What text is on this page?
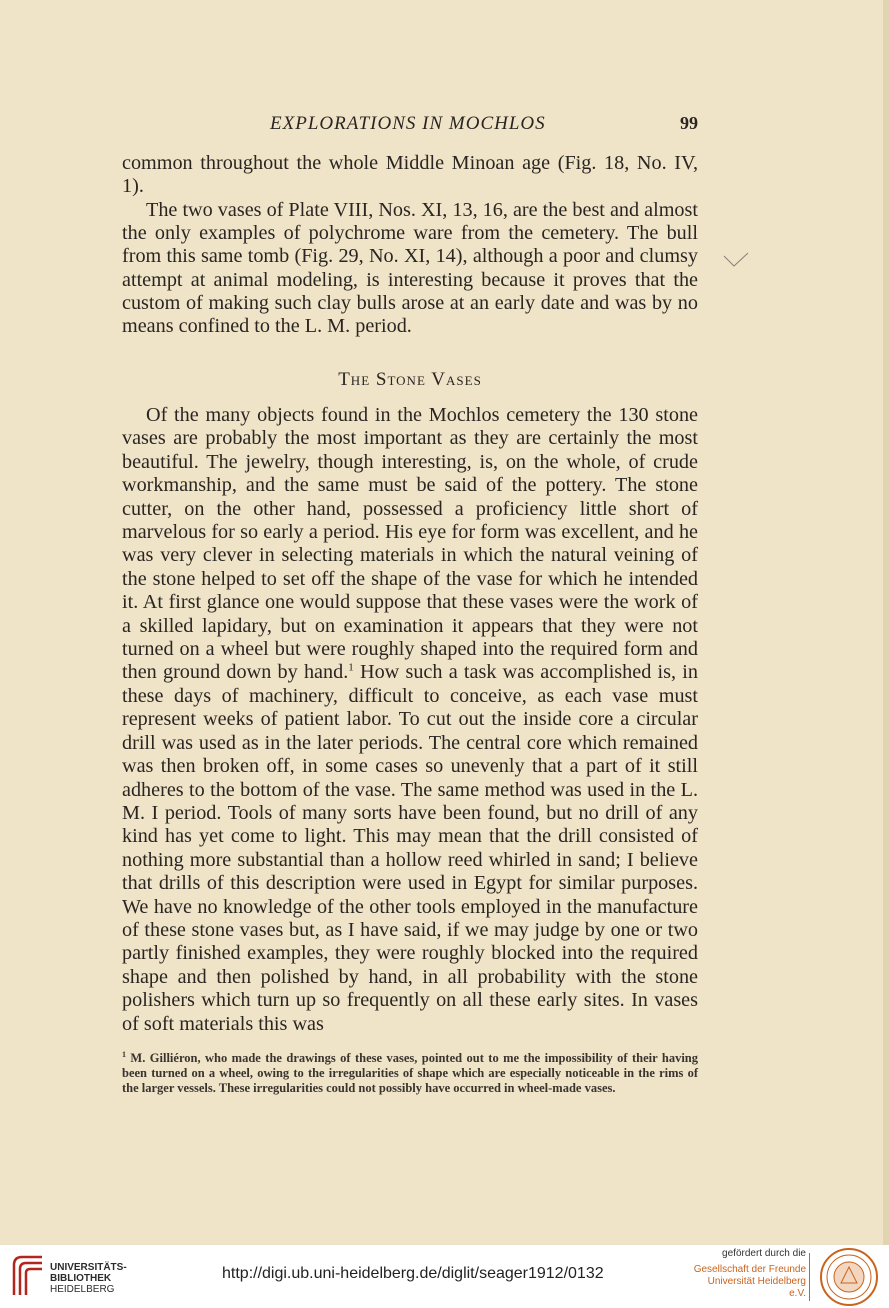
EXPLORATIONS IN MOCHLOS	99

common throughout the whole Middle Minoan age (Fig. 18, No. IV, 1).

The two vases of Plate VIII, Nos. XI, 13, 16, are the best and almost the only examples of polychrome ware from the cemetery. The bull from this same tomb (Fig. 29, No. XI, 14), although a poor and clumsy attempt at animal modeling, is interesting because it proves that the custom of making such clay bulls arose at an early date and was by no means confined to the L. M. period.

The Stone Vases

Of the many objects found in the Mochlos cemetery the 130 stone vases are probably the most important as they are certainly the most beautiful. The jewelry, though interesting, is, on the whole, of crude workmanship, and the same must be said of the pottery. The stone cutter, on the other hand, possessed a proficiency little short of marvelous for so early a period. His eye for form was excellent, and he was very clever in selecting materials in which the natural veining of the stone helped to set off the shape of the vase for which he intended it. At first glance one would suppose that these vases were the work of a skilled lapidary, but on examination it appears that they were not turned on a wheel but were roughly shaped into the required form and then ground down by hand.$^1$ How such a task was accomplished is, in these days of machinery, difficult to conceive, as each vase must represent weeks of patient labor. To cut out the inside core a circular drill was used as in the later periods. The central core which remained was then broken off, in some cases so unevenly that a part of it still adheres to the bottom of the vase. The same method was used in the L. M. I period. Tools of many sorts have been found, but no drill of any kind has yet come to light. This may mean that the drill consisted of nothing more substantial than a hollow reed whirled in sand; I believe that drills of this description were used in Egypt for similar purposes. We have no knowledge of the other tools employed in the manufacture of these stone vases but, as I have said, if we may judge by one or two partly finished examples, they were roughly blocked into the required shape and then polished by hand, in all probability with the stone polishers which turn up so frequently on all these early sites. In vases of soft materials this was

$^1$ M. Gilliéron, who made the drawings of these vases, pointed out to me the impossibility of their having been turned on a wheel, owing to the irregularities of shape which are especially noticeable in the rims of the larger vessels. These irregularities could not possibly have occurred in wheel-made vases.
UNIVERSITÄTS-
BIBLIOTHEK
HEIDELBERG
http://digi.ub.uni-heidelberg.de/diglit/seager1912/0132
gefördert durch die
Gesellschaft der Freunde
Universität Heidelberg e.V.
